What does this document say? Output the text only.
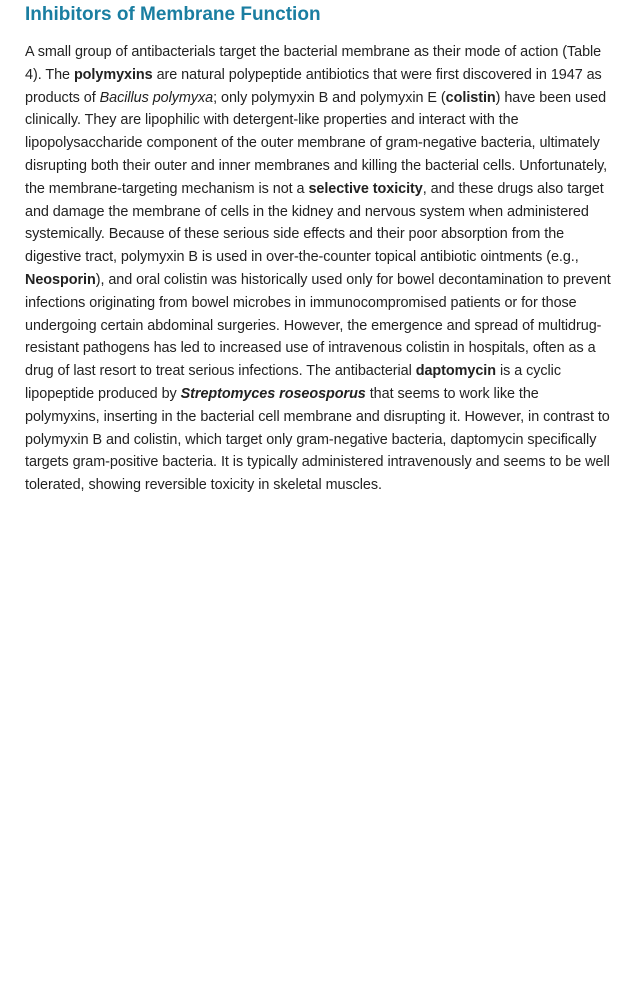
Inhibitors of Membrane Function

A small group of antibacterials target the bacterial membrane as their mode of action (Table 4). The polymyxins are natural polypeptide antibiotics that were first discovered in 1947 as products of Bacillus polymyxa; only polymyxin B and polymyxin E (colistin) have been used clinically. They are lipophilic with detergent-like properties and interact with the lipopolysaccharide component of the outer membrane of gram-negative bacteria, ultimately disrupting both their outer and inner membranes and killing the bacterial cells. Unfortunately, the membrane-targeting mechanism is not a selective toxicity, and these drugs also target and damage the membrane of cells in the kidney and nervous system when administered systemically. Because of these serious side effects and their poor absorption from the digestive tract, polymyxin B is used in over-the-counter topical antibiotic ointments (e.g., Neosporin), and oral colistin was historically used only for bowel decontamination to prevent infections originating from bowel microbes in immunocompromised patients or for those undergoing certain abdominal surgeries. However, the emergence and spread of multidrug-resistant pathogens has led to increased use of intravenous colistin in hospitals, often as a drug of last resort to treat serious infections. The antibacterial daptomycin is a cyclic lipopeptide produced by Streptomyces roseosporus that seems to work like the polymyxins, inserting in the bacterial cell membrane and disrupting it. However, in contrast to polymyxin B and colistin, which target only gram-negative bacteria, daptomycin specifically targets gram-positive bacteria. It is typically administered intravenously and seems to be well tolerated, showing reversible toxicity in skeletal muscles.
